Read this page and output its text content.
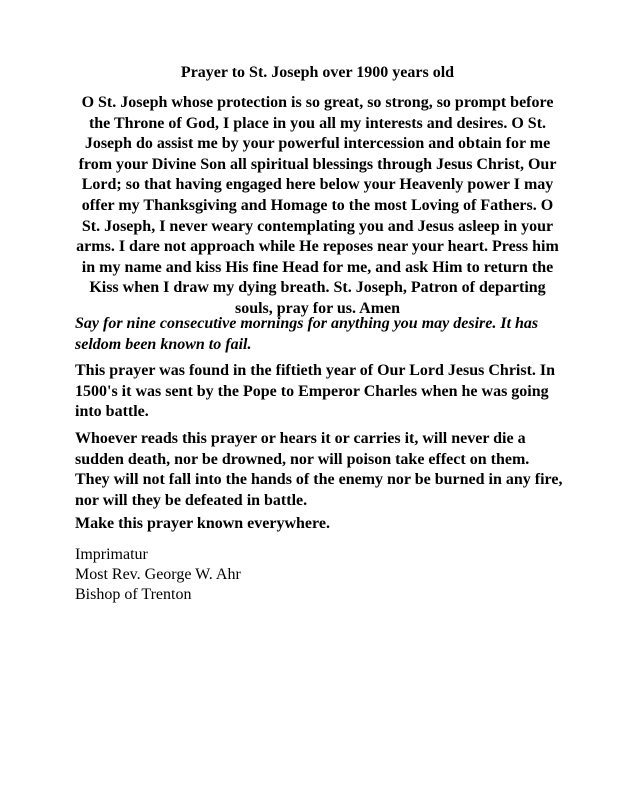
Prayer to St. Joseph over 1900 years old

O St. Joseph whose protection is so great, so strong, so prompt before the Throne of God, I place in you all my interests and desires. O St. Joseph do assist me by your powerful intercession and obtain for me from your Divine Son all spiritual blessings through Jesus Christ, Our Lord; so that having engaged here below your Heavenly power I may offer my Thanksgiving and Homage to the most Loving of Fathers. O St. Joseph, I never weary contemplating you and Jesus asleep in your arms. I dare not approach while He reposes near your heart. Press him in my name and kiss His fine Head for me, and ask Him to return the Kiss when I draw my dying breath. St. Joseph, Patron of departing souls, pray for us. Amen

Say for nine consecutive mornings for anything you may desire. It has seldom been known to fail.

This prayer was found in the fiftieth year of Our Lord Jesus Christ. In 1500's it was sent by the Pope to Emperor Charles when he was going into battle.

Whoever reads this prayer or hears it or carries it, will never die a sudden death, nor be drowned, nor will poison take effect on them. They will not fall into the hands of the enemy nor be burned in any fire, nor will they be defeated in battle.

Make this prayer known everywhere.

Imprimatur
Most Rev. George W. Ahr
Bishop of Trenton
